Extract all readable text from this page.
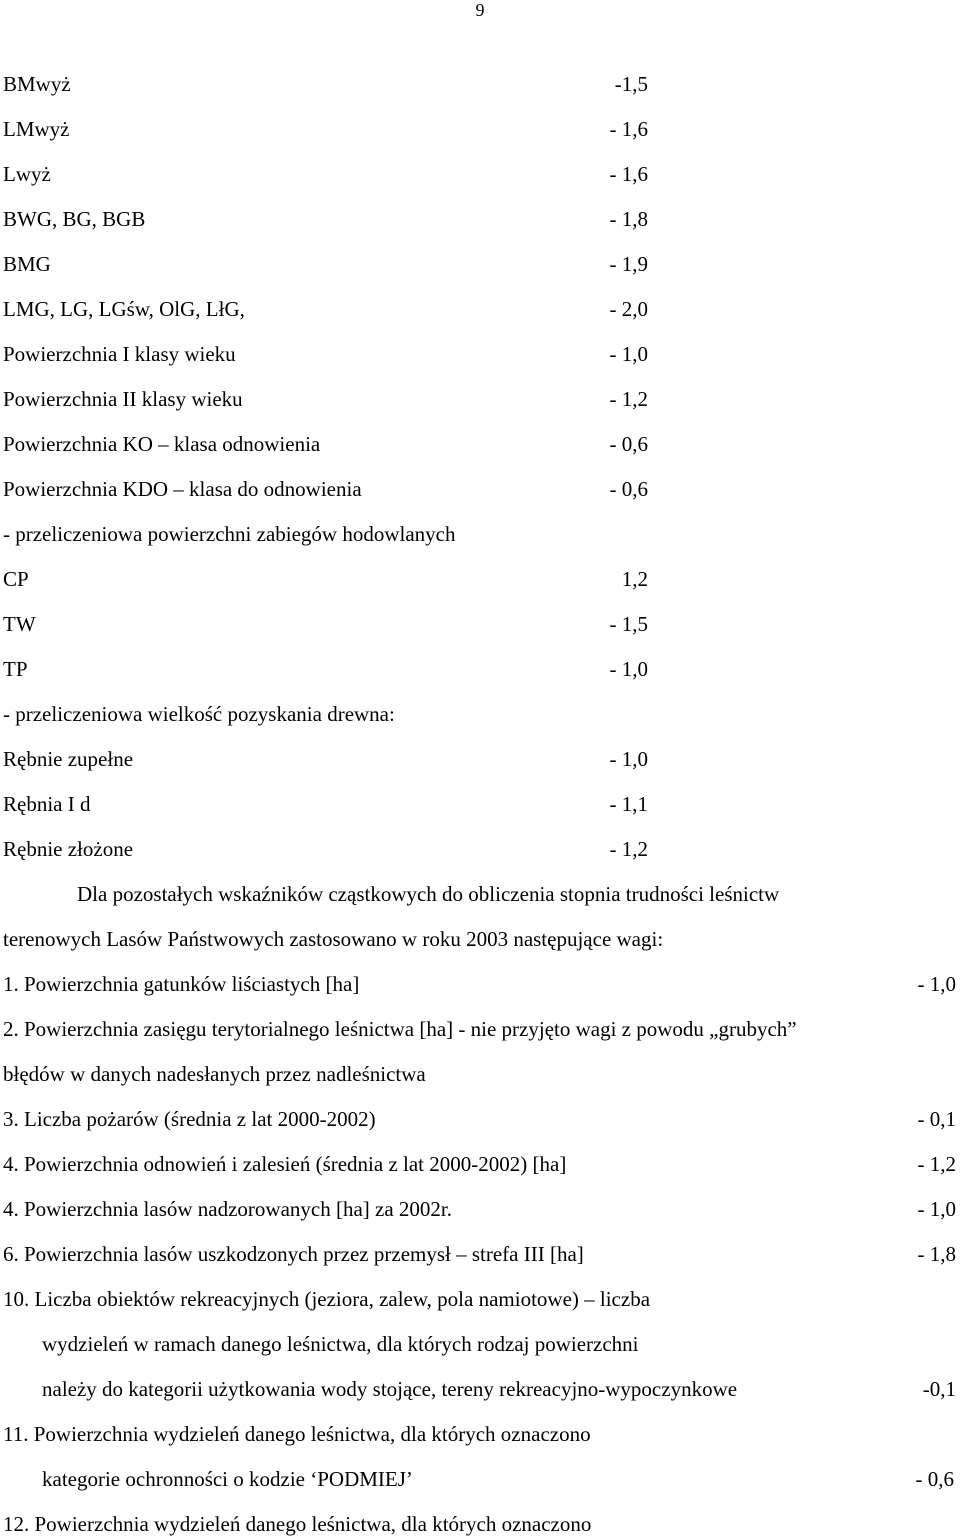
9
BMwyż	-1,5
LMwyż	- 1,6
Lwyż	- 1,6
BWG, BG, BGB	- 1,8
BMG	- 1,9
LMG, LG, LGśw, OlG, LłG,	- 2,0
Powierzchnia I klasy wieku	- 1,0
Powierzchnia II klasy wieku	- 1,2
Powierzchnia KO – klasa odnowienia	- 0,6
Powierzchnia KDO – klasa do odnowienia	- 0,6
- przeliczeniowa powierzchni zabiegów hodowlanych
CP	1,2
TW	- 1,5
TP	- 1,0
- przeliczeniowa wielkość pozyskania drewna:
Rębnie zupełne	- 1,0
Rębnia I d	- 1,1
Rębnie złożone	- 1,2
Dla pozostałych wskaźników cząstkowych do obliczenia stopnia trudności leśnictw
terenowych Lasów Państwowych zastosowano w roku 2003 następujące wagi:
1. Powierzchnia gatunków liściastych [ha]	- 1,0
2. Powierzchnia zasięgu terytorialnego leśnictwa [ha] - nie przyjęto wagi z powodu „grubych”
błędów w danych nadesłanych przez nadleśnictwa
3. Liczba pożarów (średnia z lat 2000-2002)	- 0,1
4. Powierzchnia odnowień i zalesień (średnia z lat 2000-2002) [ha]	- 1,2
4. Powierzchnia lasów nadzorowanych [ha] za 2002r.	- 1,0
6. Powierzchnia lasów uszkodzonych przez przemysł – strefa III [ha]	- 1,8
10. Liczba obiektów rekreacyjnych (jeziora, zalew, pola namiotowe) – liczba
wydzieleń w ramach danego leśnictwa, dla których rodzaj powierzchni
należy do kategorii użytkowania wody stojące, tereny rekreacyjno-wypoczynkowe	-0,1
11. Powierzchnia wydzieleń danego leśnictwa, dla których oznaczono
kategorie ochronności o kodzie ‘PODMIEJ’	- 0,6
12. Powierzchnia wydzieleń danego leśnictwa, dla których oznaczono
